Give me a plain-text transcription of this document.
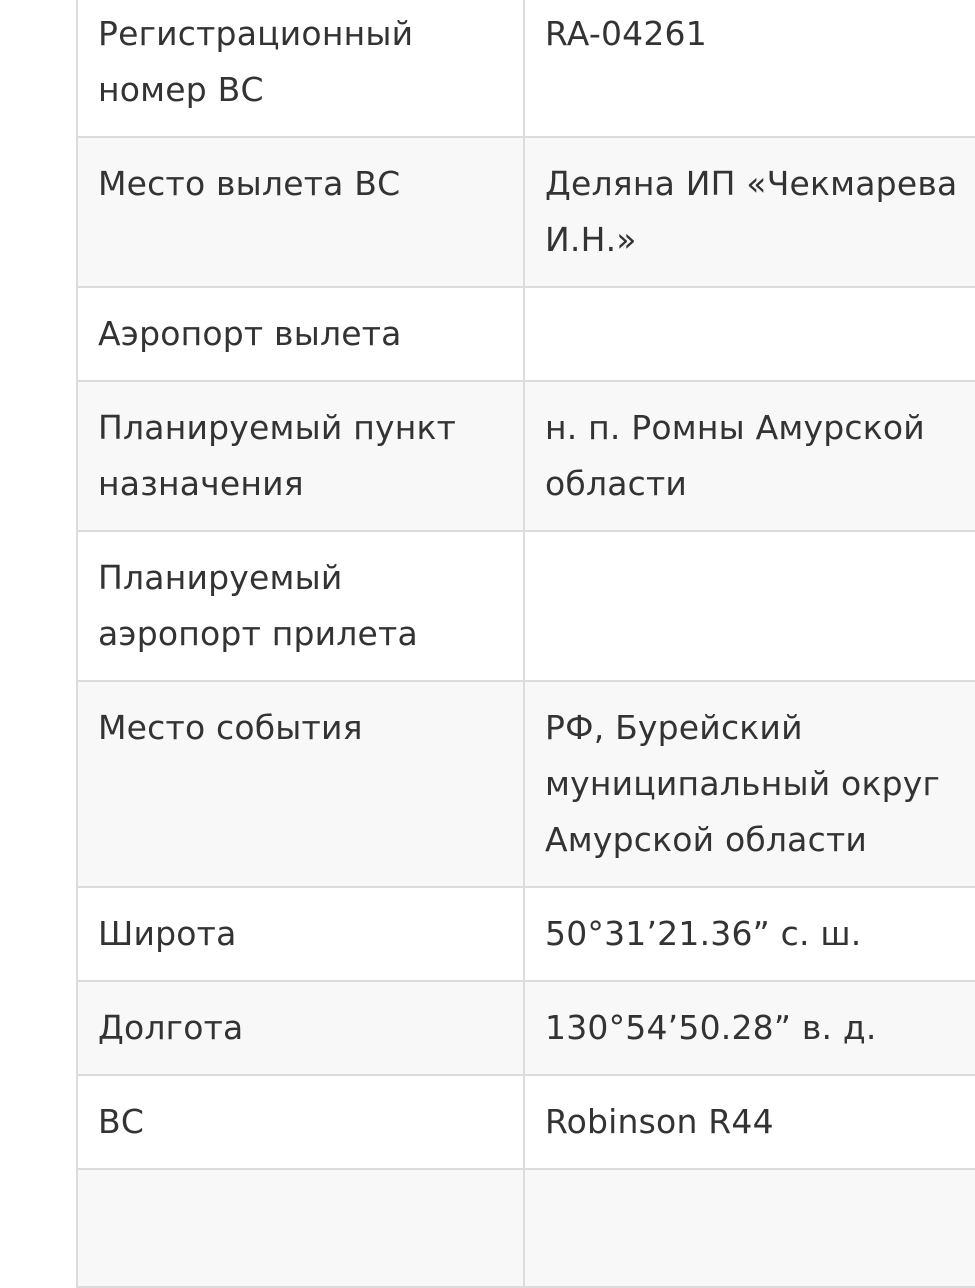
Регистрационный номер ВС	RA-04261
Место вылета ВС	Деляна ИП «Чекмарева И.Н.»
Аэропорт вылета	
Планируемый пункт назначения	н. п. Ромны Амурской области
Планируемый аэропорт прилета	
Место события	РФ, Бурейский муниципальный округ Амурской области
Широта	50°31’21.36” с. ш.
Долгота	130°54’50.28” в. д.
ВС	Robinson R44
